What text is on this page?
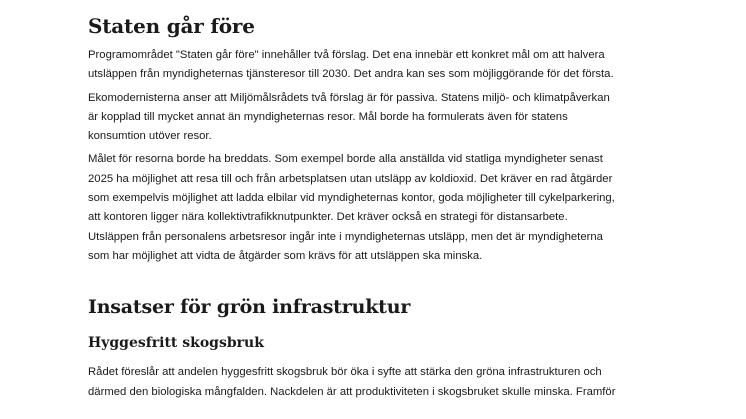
Staten går före
Programområdet "Staten går före" innehåller två förslag. Det ena innebär ett konkret mål om att halvera
utsläppen från myndigheternas tjänsteresor till 2030. Det andra kan ses som möjliggörande för det första.
Ekomodernisterna anser att Miljömålsrådets två förslag är för passiva. Statens miljö- och klimatpåverkan
är kopplad till mycket annat än myndigheternas resor. Mål borde ha formulerats även för statens
konsumtion utöver resor.
Målet för resorna borde ha breddats. Som exempel borde alla anställda vid statliga myndigheter senast
2025 ha möjlighet att resa till och från arbetsplatsen utan utsläpp av koldioxid. Det kräver en rad åtgärder
som exempelvis möjlighet att ladda elbilar vid myndigheternas kontor, goda möjligheter till cykelparkering,
att kontoren ligger nära kollektivtrafikknutpunkter. Det kräver också en strategi för distansarbete.
Utsläppen från personalens arbetsresor ingår inte i myndigheternas utsläpp, men det är myndigheterna
som har möjlighet att vidta de åtgärder som krävs för att utsläppen ska minska.
Insatser för grön infrastruktur
Hyggesfritt skogsbruk
Rådet föreslår att andelen hyggesfritt skogsbruk bör öka i syfte att stärka den gröna infrastrukturen och
därmed den biologiska mångfalden. Nackdelen är att produktiviteten i skogsbruket skulle minska. Framför
